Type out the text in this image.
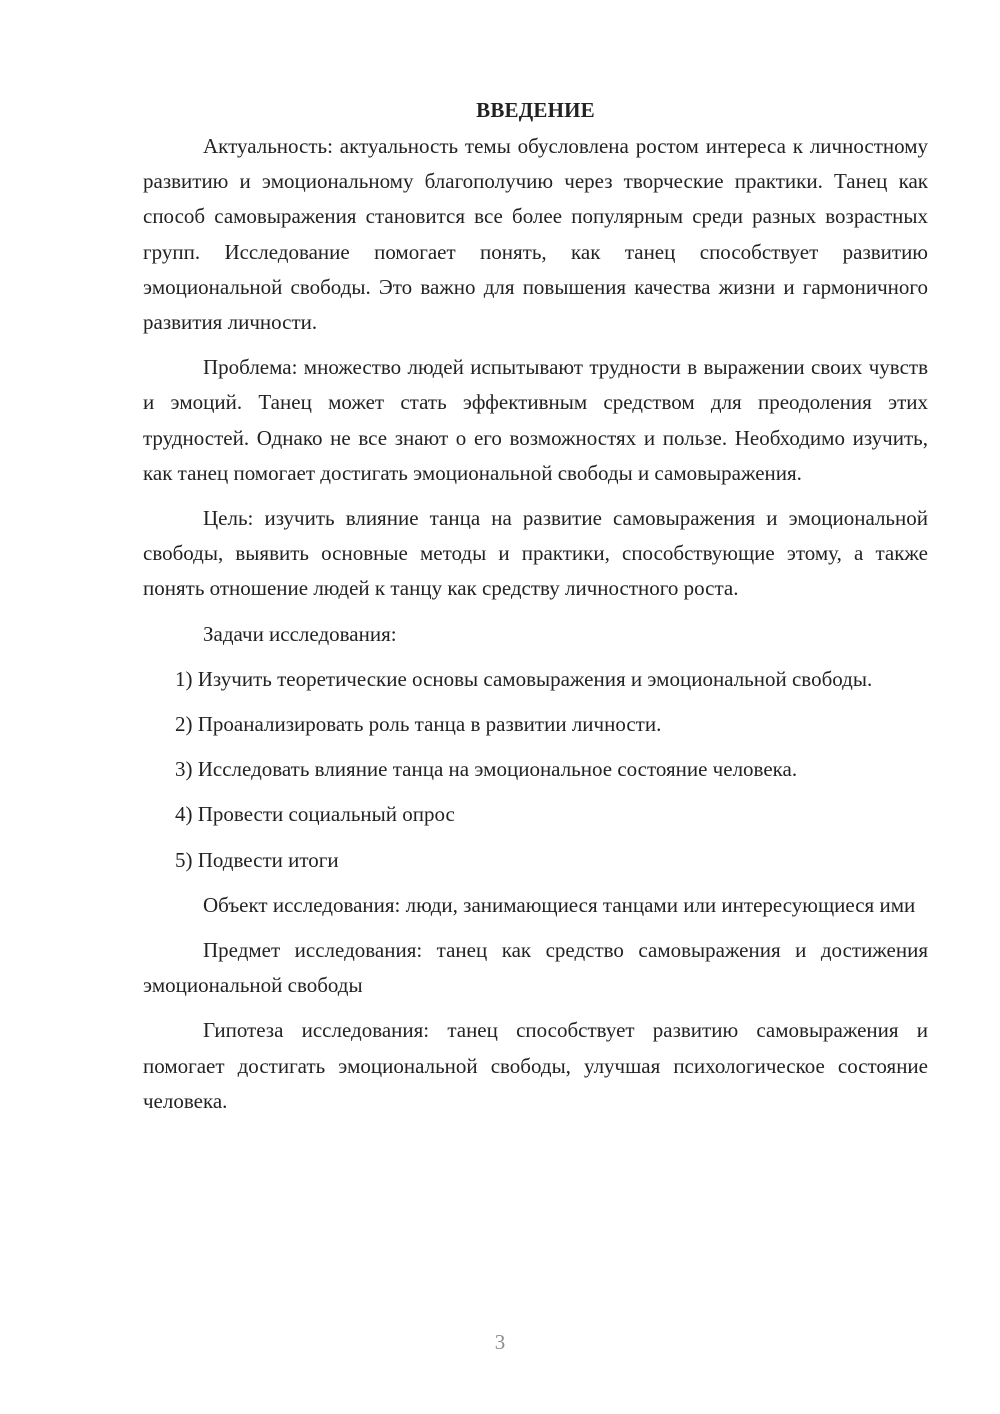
ВВЕДЕНИЕ

Актуальность: актуальность темы обусловлена ростом интереса к личностному развитию и эмоциональному благополучию через творческие практики. Танец как способ самовыражения становится все более популярным среди разных возрастных групп. Исследование помогает понять, как танец способствует развитию эмоциональной свободы. Это важно для повышения качества жизни и гармоничного развития личности.

Проблема: множество людей испытывают трудности в выражении своих чувств и эмоций. Танец может стать эффективным средством для преодоления этих трудностей. Однако не все знают о его возможностях и пользе. Необходимо изучить, как танец помогает достигать эмоциональной свободы и самовыражения.

Цель: изучить влияние танца на развитие самовыражения и эмоциональной свободы, выявить основные методы и практики, способствующие этому, а также понять отношение людей к танцу как средству личностного роста.

Задачи исследования:

1) Изучить теоретические основы самовыражения и эмоциональной свободы.

2) Проанализировать роль танца в развитии личности.

3) Исследовать влияние танца на эмоциональное состояние человека.

4) Провести социальный опрос

5) Подвести итоги

Объект исследования: люди, занимающиеся танцами или интересующиеся ими

Предмет исследования: танец как средство самовыражения и достижения эмоциональной свободы

Гипотеза исследования: танец способствует развитию самовыражения и помогает достигать эмоциональной свободы, улучшая психологическое состояние человека.

3
